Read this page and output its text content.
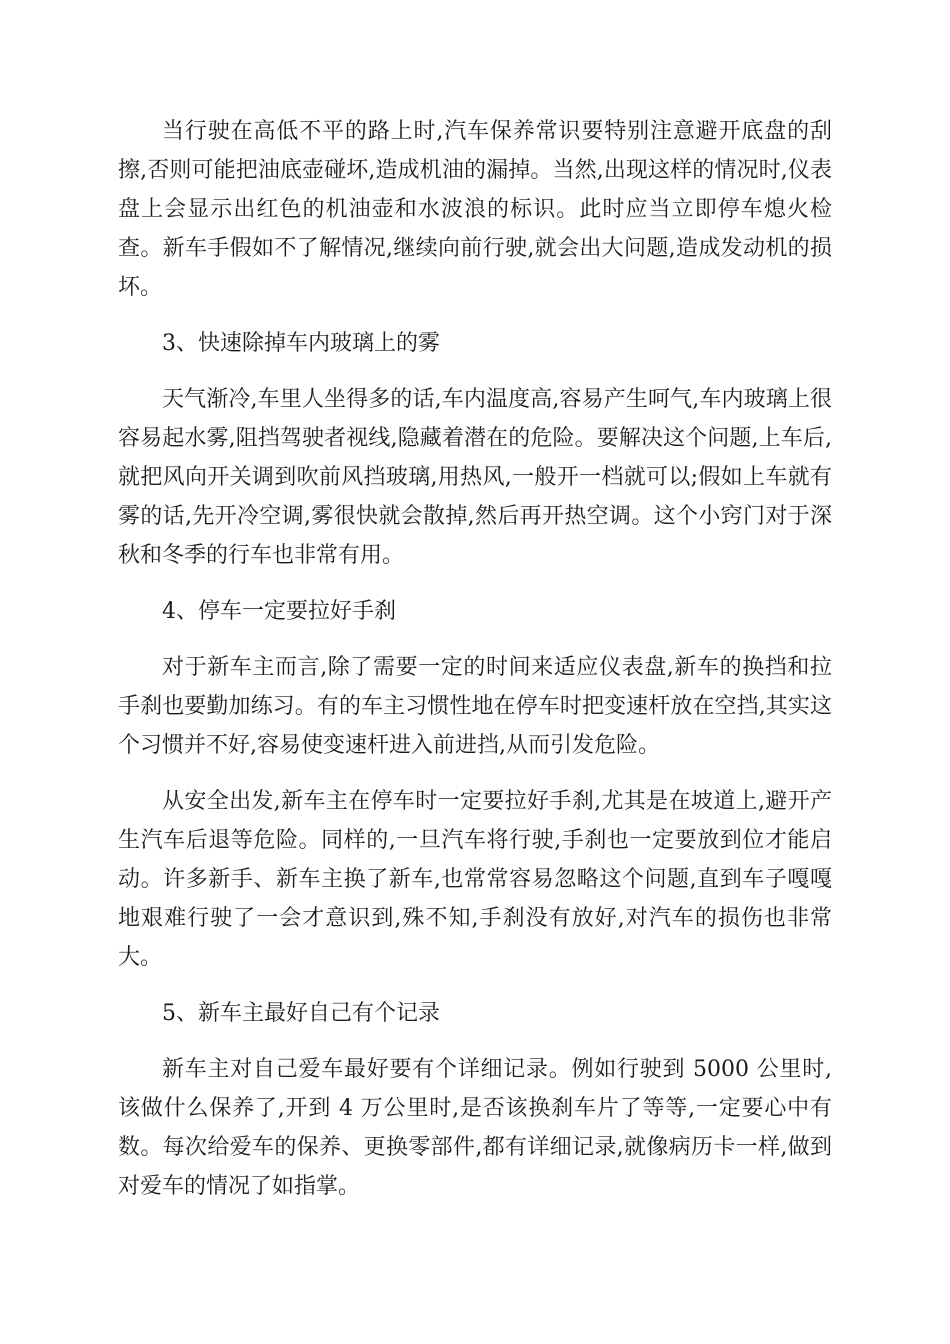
当行驶在高低不平的路上时,汽车保养常识要特别注意避开底盘的刮擦,否则可能把油底壶碰坏,造成机油的漏掉。当然,出现这样的情况时,仪表盘上会显示出红色的机油壶和水波浪的标识。此时应当立即停车熄火检查。新车手假如不了解情况,继续向前行驶,就会出大问题,造成发动机的损坏。

3、快速除掉车内玻璃上的雾

天气渐冷,车里人坐得多的话,车内温度高,容易产生呵气,车内玻璃上很容易起水雾,阻挡驾驶者视线,隐藏着潜在的危险。要解决这个问题,上车后,就把风向开关调到吹前风挡玻璃,用热风,一般开一档就可以;假如上车就有雾的话,先开冷空调,雾很快就会散掉,然后再开热空调。这个小窍门对于深秋和冬季的行车也非常有用。

4、停车一定要拉好手刹

对于新车主而言,除了需要一定的时间来适应仪表盘,新车的换挡和拉手刹也要勤加练习。有的车主习惯性地在停车时把变速杆放在空挡,其实这个习惯并不好,容易使变速杆进入前进挡,从而引发危险。

从安全出发,新车主在停车时一定要拉好手刹,尤其是在坡道上,避开产生汽车后退等危险。同样的,一旦汽车将行驶,手刹也一定要放到位才能启动。许多新手、新车主换了新车,也常常容易忽略这个问题,直到车子嘎嘎地艰难行驶了一会才意识到,殊不知,手刹没有放好,对汽车的损伤也非常大。

5、新车主最好自己有个记录

新车主对自己爱车最好要有个详细记录。例如行驶到 5000 公里时,该做什么保养了,开到 4 万公里时,是否该换刹车片了等等,一定要心中有数。每次给爱车的保养、更换零部件,都有详细记录,就像病历卡一样,做到对爱车的情况了如指掌。
